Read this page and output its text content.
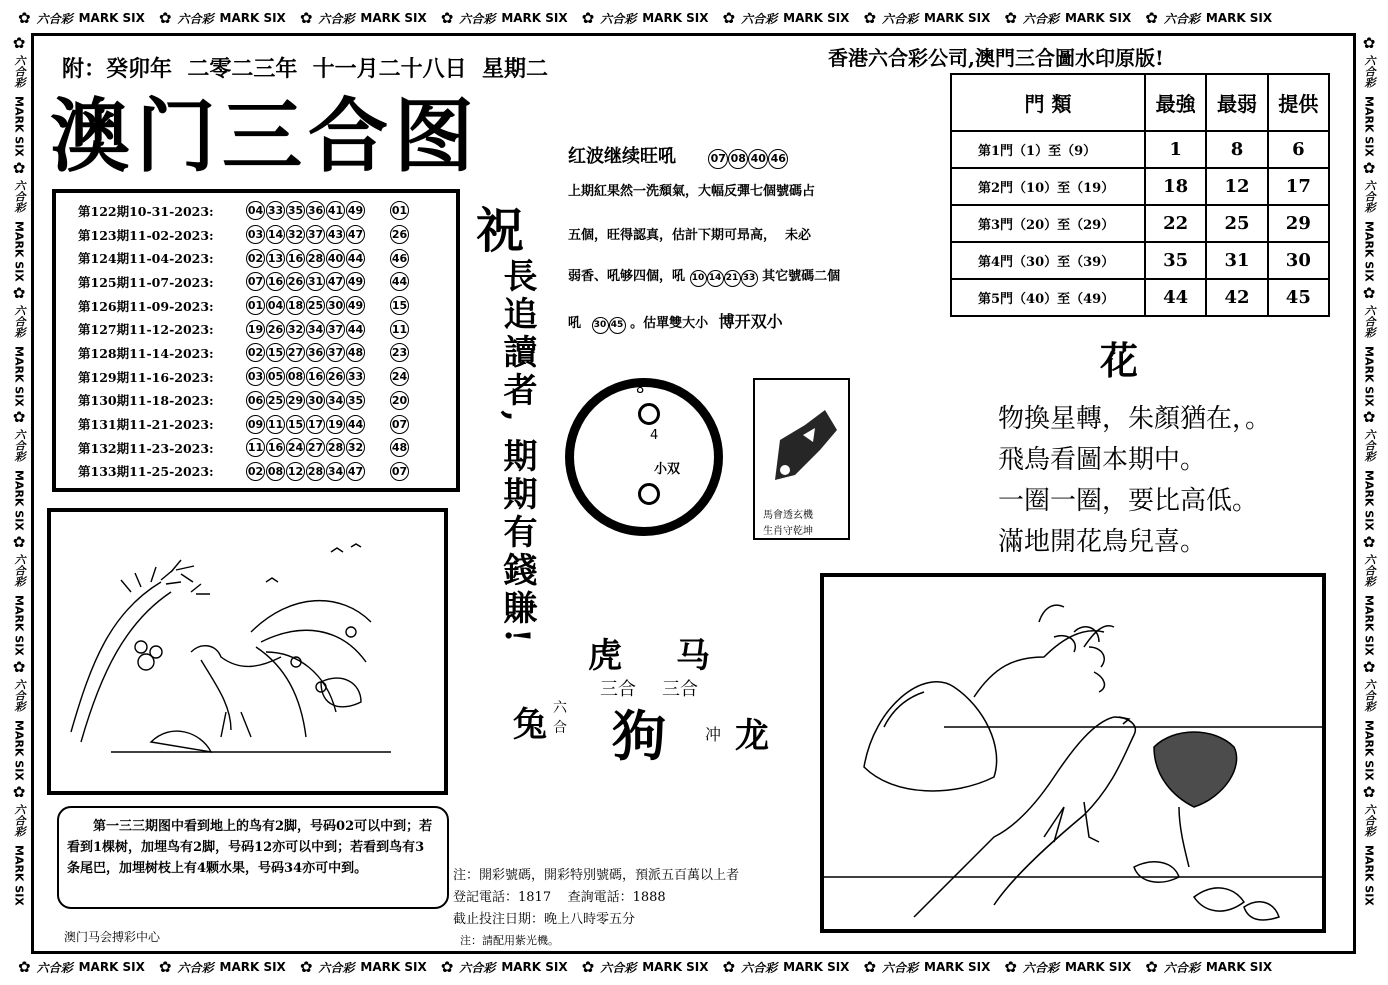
✿ 六合彩 MARK SIX ✿ 六合彩 MARK SIX ✿ 六合彩 MARK SIX ✿ 六合彩 MARK SIX ✿ 六合彩 MARK SIX ✿ 六合彩 MARK SIX ✿ 六合彩 MARK SIX ✿ 六合彩 MARK SIX ✿ 六合彩 MARK SIX
✿ 六合彩 MARK SIX ✿ 六合彩 MARK SIX ✿ 六合彩 MARK SIX ✿ 六合彩 MARK SIX ✿ 六合彩 MARK SIX ✿ 六合彩 MARK SIX ✿ 六合彩 MARK SIX ✿ 六合彩 MARK SIX ✿ 六合彩 MARK SIX
✿
六合彩
MARK SIX
✿
六合彩
MARK SIX
✿
六合彩
MARK SIX
✿
六合彩
MARK SIX
✿
六合彩
MARK SIX
✿
六合彩
MARK SIX
✿
六合彩
MARK SIX
✿
六合彩
MARK SIX
✿
六合彩
MARK SIX
✿
六合彩
MARK SIX
✿
六合彩
MARK SIX
✿
六合彩
MARK SIX
✿
六合彩
MARK SIX
✿
六合彩
MARK SIX
附：癸卯年  二零二三年  十一月二十八日  星期二
澳门三合图
香港六合彩公司,澳門三合圖水印原版!
第122期10-31-2023:	04 33 35 36 41 49	01
第123期11-02-2023:	03 14 32 37 43 47	26
第124期11-04-2023:	02 13 16 28 40 44	46
第125期11-07-2023:	07 16 26 31 47 49	44
第126期11-09-2023:	01 04 18 25 30 49	15
第127期11-12-2023:	19 26 32 34 37 44	11
第128期11-14-2023:	02 15 27 36 37 48	23
第129期11-16-2023:	03 05 08 16 26 33	24
第130期11-18-2023:	06 25 29 30 34 35	20
第131期11-21-2023:	09 11 15 17 19 44	07
第132期11-23-2023:	11 16 24 27 28 32	48
第133期11-25-2023:	02 08 12 28 34 47	07
祝
長追讀者,
期期有錢賺!
红波继续旺吼	07 08 40 46
上期紅果然一洗頹氣，大幅反彈七個號碼占
五個，旺得認真，估計下期可昻高，  未必
弱香、吼够四個，吼 10 14 21 33 其它號碼二個
吼 30 45 。估單雙大小 博开双小
8
4
小双
馬會透玄機
生肖守乾坤
門 類	最強	最弱	提供
第1門（1）至（9）	1	8	6
第2門（10）至（19）	18	12	17
第3門（20）至（29）	22	25	29
第4門（30）至（39）	35	31	30
第5門（40）至（49）	44	42	45
花
物換星轉，朱顏猶在，。
飛鳥看圖本期中。
一圈一圈，要比高低。
滿地開花鳥兒喜。
虎 马
三合 三合
兔 六
合 狗 冲 龙
第一三三期图中看到地上的鸟有2脚，号码02可以中到；若看到1棵树，加埋鸟有2脚，号码12亦可以中到；若看到鸟有3条尾巴，加埋树枝上有4颗水果，号码34亦可中到。
澳门马会搏彩中心
注：開彩號碼，開彩特別號碼，預派五百萬以上者
登記電話：1817    查詢電話：1888
截止投注日期：晚上八時零五分
注：請配用紫光機。
